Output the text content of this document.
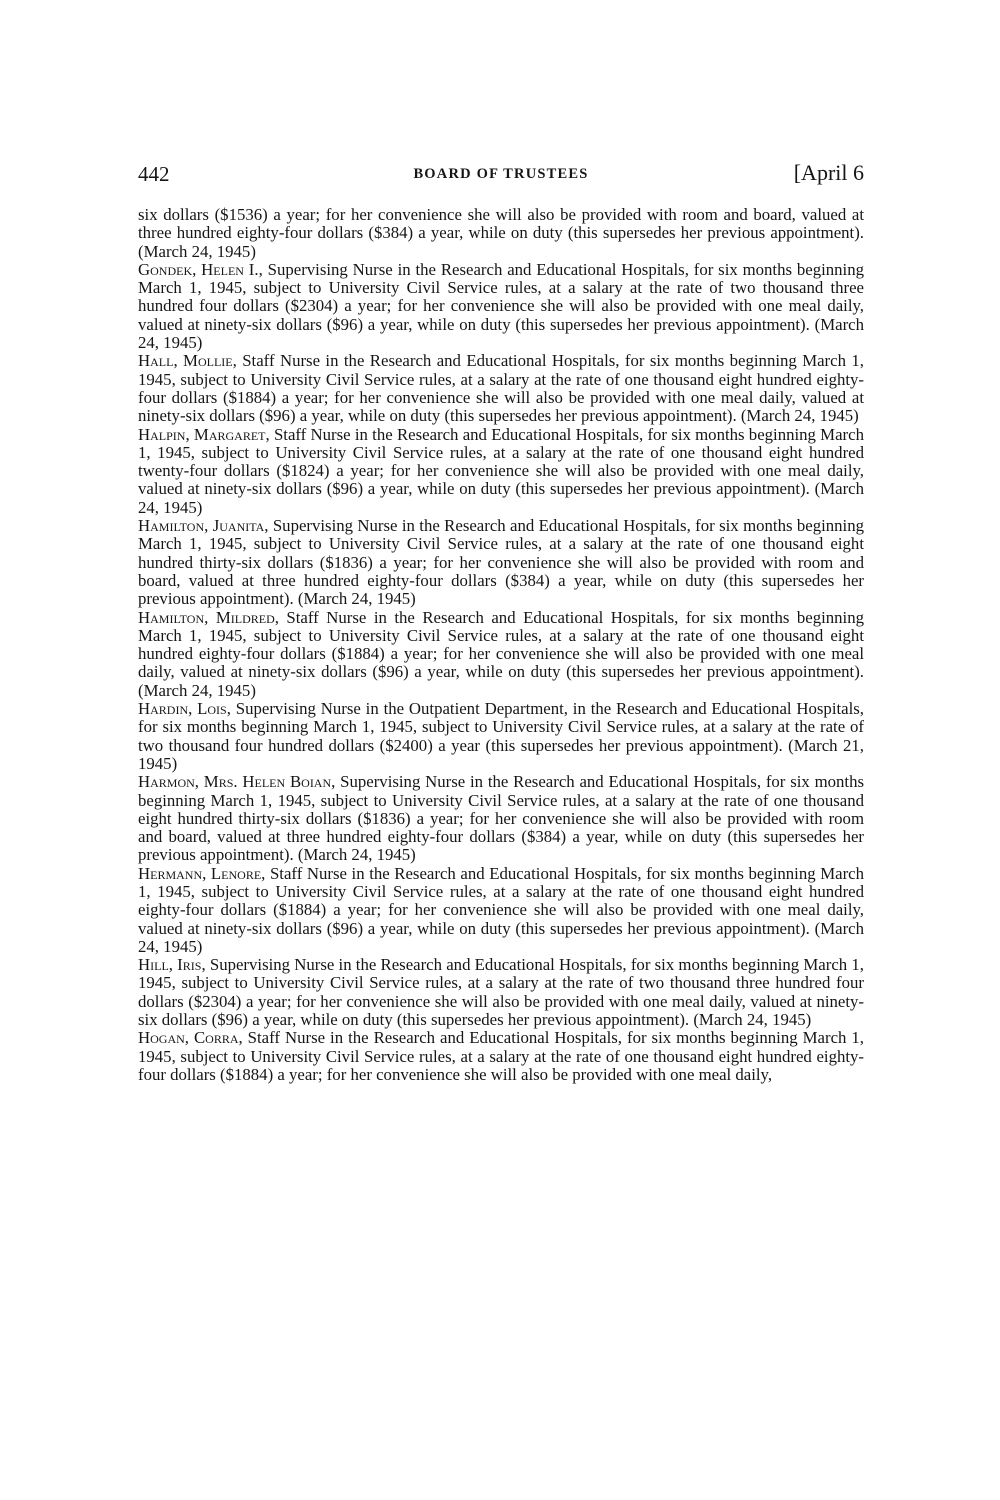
442	BOARD OF TRUSTEES	[April 6

six dollars ($1536) a year; for her convenience she will also be provided with room and board, valued at three hundred eighty-four dollars ($384) a year, while on duty (this supersedes her previous appointment). (March 24, 1945)

Gondek, Helen I., Supervising Nurse in the Research and Educational Hospitals, for six months beginning March 1, 1945, subject to University Civil Service rules, at a salary at the rate of two thousand three hundred four dollars ($2304) a year; for her convenience she will also be provided with one meal daily, valued at ninety-six dollars ($96) a year, while on duty (this supersedes her previous appointment). (March 24, 1945)

Hall, Mollie, Staff Nurse in the Research and Educational Hospitals, for six months beginning March 1, 1945, subject to University Civil Service rules, at a salary at the rate of one thousand eight hundred eighty-four dollars ($1884) a year; for her convenience she will also be provided with one meal daily, valued at ninety-six dollars ($96) a year, while on duty (this supersedes her previous appointment). (March 24, 1945)

Halpin, Margaret, Staff Nurse in the Research and Educational Hospitals, for six months beginning March 1, 1945, subject to University Civil Service rules, at a salary at the rate of one thousand eight hundred twenty-four dollars ($1824) a year; for her convenience she will also be provided with one meal daily, valued at ninety-six dollars ($96) a year, while on duty (this supersedes her previous appointment). (March 24, 1945)

Hamilton, Juanita, Supervising Nurse in the Research and Educational Hospitals, for six months beginning March 1, 1945, subject to University Civil Service rules, at a salary at the rate of one thousand eight hundred thirty-six dollars ($1836) a year; for her convenience she will also be provided with room and board, valued at three hundred eighty-four dollars ($384) a year, while on duty (this supersedes her previous appointment). (March 24, 1945)

Hamilton, Mildred, Staff Nurse in the Research and Educational Hospitals, for six months beginning March 1, 1945, subject to University Civil Service rules, at a salary at the rate of one thousand eight hundred eighty-four dollars ($1884) a year; for her convenience she will also be provided with one meal daily, valued at ninety-six dollars ($96) a year, while on duty (this supersedes her previous appointment). (March 24, 1945)

Hardin, Lois, Supervising Nurse in the Outpatient Department, in the Research and Educational Hospitals, for six months beginning March 1, 1945, subject to University Civil Service rules, at a salary at the rate of two thousand four hundred dollars ($2400) a year (this supersedes her previous appointment). (March 21, 1945)

Harmon, Mrs. Helen Boian, Supervising Nurse in the Research and Educational Hospitals, for six months beginning March 1, 1945, subject to University Civil Service rules, at a salary at the rate of one thousand eight hundred thirty-six dollars ($1836) a year; for her convenience she will also be provided with room and board, valued at three hundred eighty-four dollars ($384) a year, while on duty (this supersedes her previous appointment). (March 24, 1945)

Hermann, Lenore, Staff Nurse in the Research and Educational Hospitals, for six months beginning March 1, 1945, subject to University Civil Service rules, at a salary at the rate of one thousand eight hundred eighty-four dollars ($1884) a year; for her convenience she will also be provided with one meal daily, valued at ninety-six dollars ($96) a year, while on duty (this supersedes her previous appointment). (March 24, 1945)

Hill, Iris, Supervising Nurse in the Research and Educational Hospitals, for six months beginning March 1, 1945, subject to University Civil Service rules, at a salary at the rate of two thousand three hundred four dollars ($2304) a year; for her convenience she will also be provided with one meal daily, valued at ninety-six dollars ($96) a year, while on duty (this supersedes her previous appointment). (March 24, 1945)

Hogan, Corra, Staff Nurse in the Research and Educational Hospitals, for six months beginning March 1, 1945, subject to University Civil Service rules, at a salary at the rate of one thousand eight hundred eighty-four dollars ($1884) a year; for her convenience she will also be provided with one meal daily,
